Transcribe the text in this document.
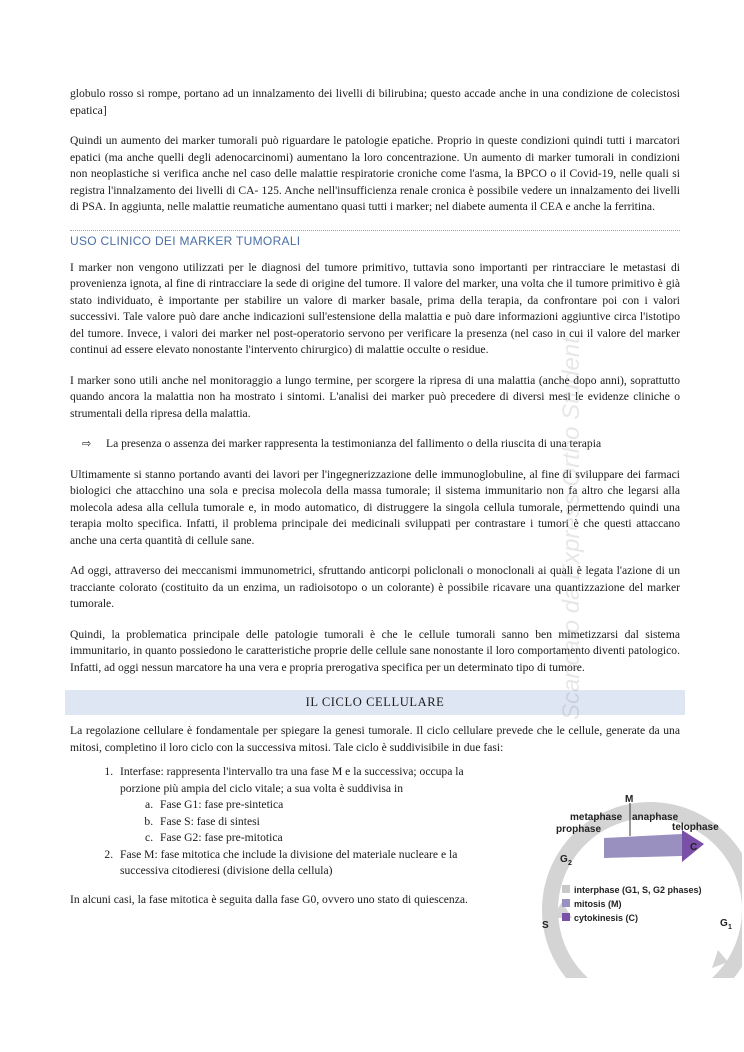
globulo rosso si rompe, portano ad un innalzamento dei livelli di bilirubina; questo accade anche in una condizione de colecistosi epatica]

Quindi un aumento dei marker tumorali può riguardare le patologie epatiche. Proprio in queste condizioni quindi tutti i marcatori epatici (ma anche quelli degli adenocarcinomi) aumentano la loro concentrazione. Un aumento di marker tumorali in condizioni non neoplastiche si verifica anche nel caso delle malattie respiratorie croniche come l'asma, la BPCO o il Covid-19, nelle quali si registra l'innalzamento dei livelli di CA- 125. Anche nell'insufficienza renale cronica è possibile vedere un innalzamento dei livelli di PSA. In aggiunta, nelle malattie reumatiche aumentano quasi tutti i marker; nel diabete aumenta il CEA e anche la ferritina.

USO CLINICO DEI MARKER TUMORALI

I marker non vengono utilizzati per le diagnosi del tumore primitivo, tuttavia sono importanti per rintracciare le metastasi di provenienza ignota, al fine di rintracciare la sede di origine del tumore. Il valore del marker, una volta che il tumore primitivo è già stato individuato, è importante per stabilire un valore di marker basale, prima della terapia, da confrontare poi con i valori successivi. Tale valore può dare anche indicazioni sull'estensione della malattia e può dare informazioni aggiuntive circa l'istotipo del tumore. Invece, i valori dei marker nel post-operatorio servono per verificare la presenza (nel caso in cui il valore del marker continui ad essere elevato nonostante l'intervento chirurgico) di malattie occulte o residue.

I marker sono utili anche nel monitoraggio a lungo termine, per scorgere la ripresa di una malattia (anche dopo anni), soprattutto quando ancora la malattia non ha mostrato i sintomi. L'analisi dei marker può precedere di diversi mesi le evidenze cliniche o strumentali della ripresa della malattia.

⇨	La presenza o assenza dei marker rappresenta la testimonianza del fallimento o della riuscita di una terapia

Ultimamente si stanno portando avanti dei lavori per l'ingegnerizzazione delle immunoglobuline, al fine di sviluppare dei farmaci biologici che attacchino una sola e precisa molecola della massa tumorale; il sistema immunitario non fa altro che legarsi alla molecola adesa alla cellula tumorale e, in modo automatico, di distruggere la singola cellula tumorale, permettendo quindi una terapia molto specifica. Infatti, il problema principale dei medicinali sviluppati per contrastare i tumori è che questi attaccano anche una certa quantità di cellule sane.

Ad oggi, attraverso dei meccanismi immunometrici, sfruttando anticorpi policlonali o monoclonali ai quali è legata l'azione di un tracciante colorato (costituito da un enzima, un radioisotopo o un colorante) è possibile ricavare una quantizzazione del marker tumorale.

Quindi, la problematica principale delle patologie tumorali è che le cellule tumorali sanno ben mimetizzarsi dal sistema immunitario, in quanto possiedono le caratteristiche proprie delle cellule sane nonostante il loro comportamento diventi patologico. Infatti, ad oggi nessun marcatore ha una vera e propria prerogativa specifica per un determinato tipo di tumore.

IL CICLO CELLULARE

La regolazione cellulare è fondamentale per spiegare la genesi tumorale. Il ciclo cellulare prevede che le cellule, generate da una mitosi, completino il loro ciclo con la successiva mitosi. Tale ciclo è suddivisibile in due fasi:

1. Interfase: rappresenta l'intervallo tra una fase M e la successiva; occupa la porzione più ampia del ciclo vitale; a sua volta è suddivisa in
a. Fase G1: fase pre-sintetica
b. Fase S: fase di sintesi
c. Fase G2: fase pre-mitotica
2. Fase M: fase mitotica che include la divisione del materiale nucleare e la successiva citodieresi (divisione della cellula)

In alcuni casi, la fase mitotica è seguita dalla fase G0, ovvero uno stato di quiescenza.

M
metaphase anaphase
prophase	telophase
C
G 2
S	G 1
interphase (G1, S, G2 phases)
mitosis (M)
cytokinesis (C)
Scaricato da Express Ortho Student
